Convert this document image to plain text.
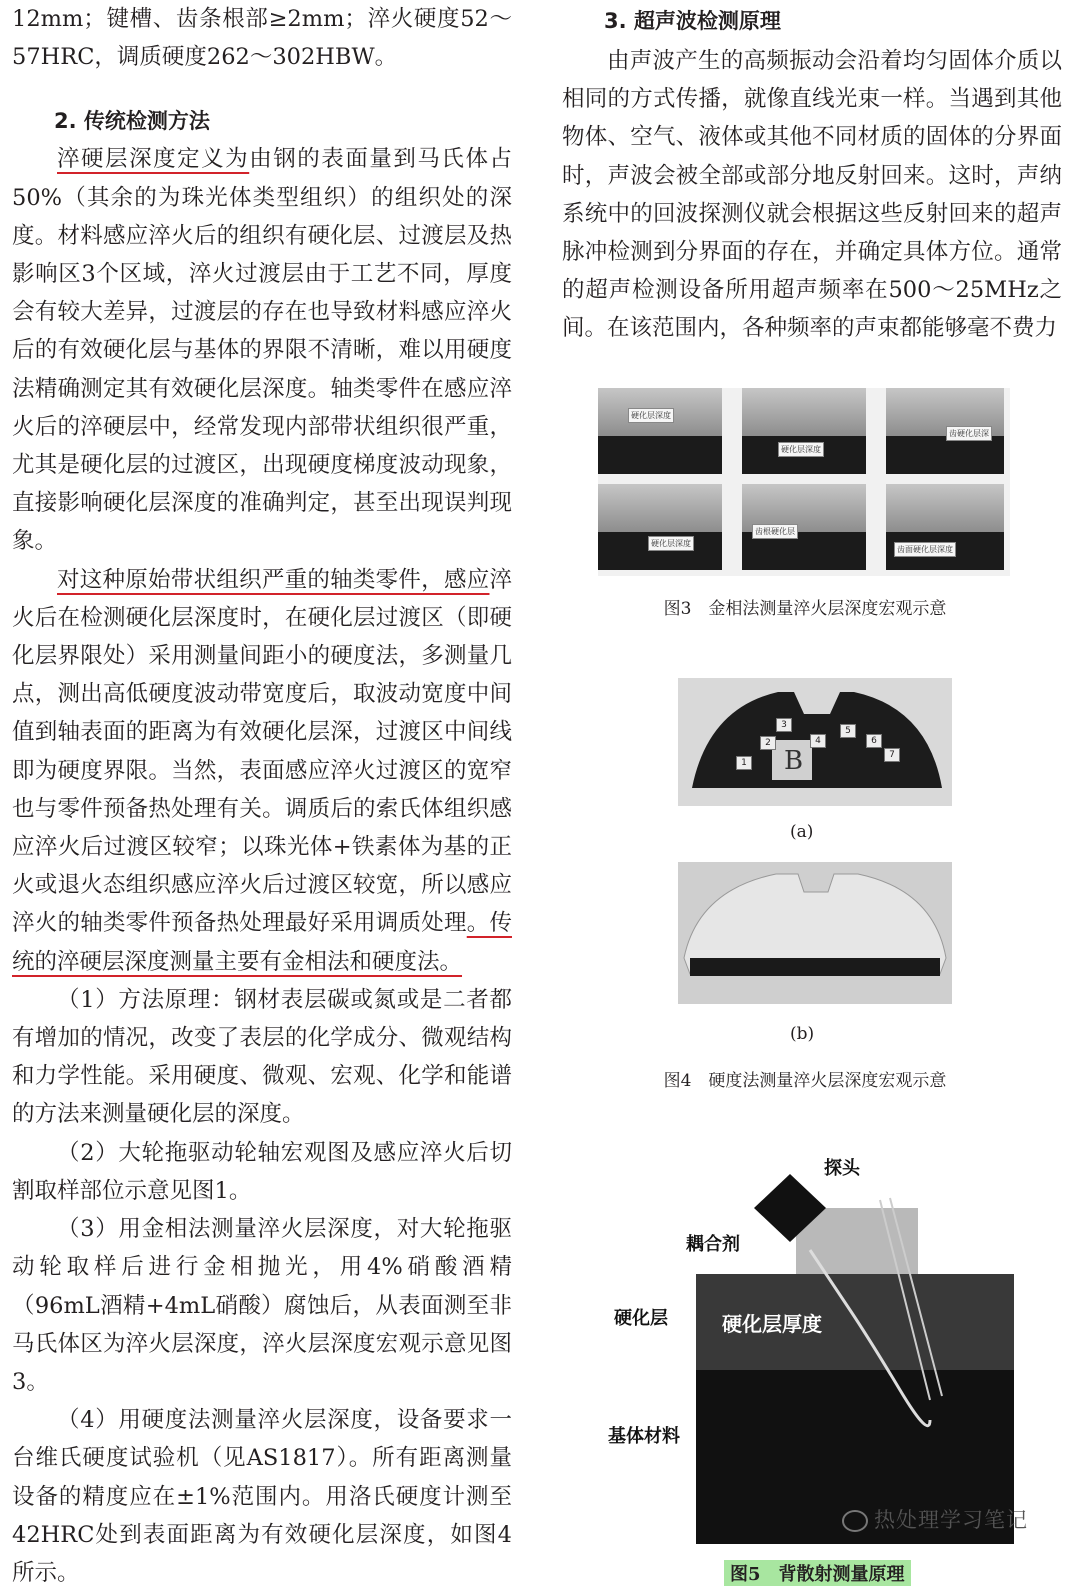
12mm；键槽、齿条根部≥2mm；淬火硬度52～57HRC，调质硬度262～302HBW。

2. 传统检测方法

淬硬层深度定义为由钢的表面量到马氏体占50%（其余的为珠光体类型组织）的组织处的深度。材料感应淬火后的组织有硬化层、过渡层及热影响区3个区域，淬火过渡层由于工艺不同，厚度会有较大差异，过渡层的存在也导致材料感应淬火后的有效硬化层与基体的界限不清晰，难以用硬度法精确测定其有效硬化层深度。轴类零件在感应淬火后的淬硬层中，经常发现内部带状组织很严重，尤其是硬化层的过渡区，出现硬度梯度波动现象，直接影响硬化层深度的准确判定，甚至出现误判现象。

对这种原始带状组织严重的轴类零件，感应淬火后在检测硬化层深度时，在硬化层过渡区（即硬化层界限处）采用测量间距小的硬度法，多测量几点，测出高低硬度波动带宽度后，取波动宽度中间值到轴表面的距离为有效硬化层深，过渡区中间线即为硬度界限。当然，表面感应淬火过渡区的宽窄也与零件预备热处理有关。调质后的索氏体组织感应淬火后过渡区较窄；以珠光体+铁素体为基的正火或退火态组织感应淬火后过渡区较宽，所以感应淬火的轴类零件预备热处理最好采用调质处理。传统的淬硬层深度测量主要有金相法和硬度法。

（1）方法原理：钢材表层碳或氮或是二者都有增加的情况，改变了表层的化学成分、微观结构和力学性能。采用硬度、微观、宏观、化学和能谱的方法来测量硬化层的深度。

（2）大轮拖驱动轮轴宏观图及感应淬火后切割取样部位示意见图1。

（3）用金相法测量淬火层深度，对大轮拖驱动轮取样后进行金相抛光，用4%硝酸酒精（96mL酒精+4mL硝酸）腐蚀后，从表面测至非马氏体区为淬火层深度，淬火层深度宏观示意见图3。

（4）用硬度法测量淬火层深度，设备要求一台维氏硬度试验机（见AS1817）。所有距离测量设备的精度应在±1%范围内。用洛氏硬度计测至42HRC处到表面距离为有效硬化层深度，如图4所示。

3. 超声波检测原理

由声波产生的高频振动会沿着均匀固体介质以相同的方式传播，就像直线光束一样。当遇到其他物体、空气、液体或其他不同材质的固体的分界面时，声波会被全部或部分地反射回来。这时，声纳系统中的回波探测仪就会根据这些反射回来的超声脉冲检测到分界面的存在，并确定具体方位。通常的超声检测设备所用超声频率在500～25MHz之间。在该范围内，各种频率的声束都能够毫不费力

硬化层深度
硬化层深度
齿硬化层深
硬化层深度
齿根硬化层
齿面硬化层深度
图3　金相法测量淬火层深度宏观示意
1
2
3
4
5
6
7
B
(a)
(b)
图4　硬度法测量淬火层深度宏观示意
探头
耦合剂
硬化层	硬化层厚度
基体材料
热处理学习笔记
图5　背散射测量原理
